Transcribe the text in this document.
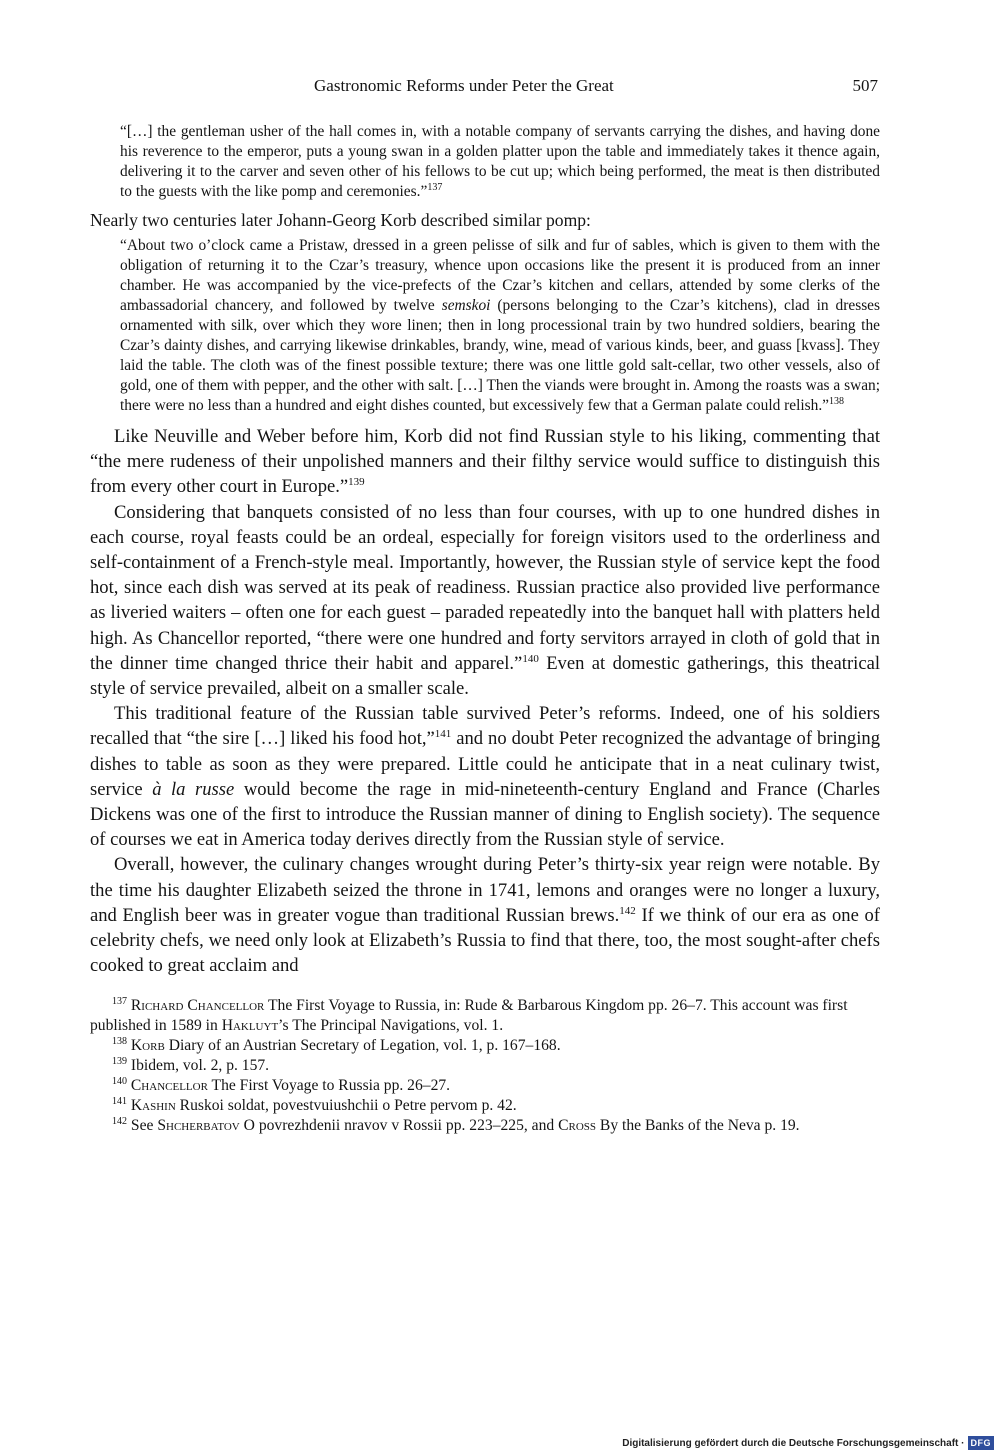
Gastronomic Reforms under Peter the Great	507

“[…] the gentleman usher of the hall comes in, with a notable company of servants carrying the dishes, and having done his reverence to the emperor, puts a young swan in a golden platter upon the table and immediately takes it thence again, delivering it to the carver and seven other of his fellows to be cut up; which being performed, the meat is then distributed to the guests with the like pomp and ceremonies.”$^{137}$

Nearly two centuries later Johann-Georg Korb described similar pomp:

“About two o’clock came a Pristaw, dressed in a green pelisse of silk and fur of sables, which is given to them with the obligation of returning it to the Czar’s treasury, whence upon occasions like the present it is produced from an inner chamber. He was accompanied by the vice-prefects of the Czar’s kitchen and cellars, attended by some clerks of the ambassadorial chancery, and followed by twelve semskoi (persons belonging to the Czar’s kitchens), clad in dresses ornamented with silk, over which they wore linen; then in long processional train by two hundred soldiers, bearing the Czar’s dainty dishes, and carrying likewise drinkables, brandy, wine, mead of various kinds, beer, and guass [kvass]. They laid the table. The cloth was of the finest possible texture; there was one little gold salt-cellar, two other vessels, also of gold, one of them with pepper, and the other with salt. […] Then the viands were brought in. Among the roasts was a swan; there were no less than a hundred and eight dishes counted, but excessively few that a German palate could relish.”$^{138}$

Like Neuville and Weber before him, Korb did not find Russian style to his liking, commenting that “the mere rudeness of their unpolished manners and their filthy service would suffice to distinguish this from every other court in Europe.”$^{139}$

Considering that banquets consisted of no less than four courses, with up to one hundred dishes in each course, royal feasts could be an ordeal, especially for foreign visitors used to the orderliness and self-containment of a French-style meal. Importantly, however, the Russian style of service kept the food hot, since each dish was served at its peak of readiness. Russian practice also provided live performance as liveried waiters – often one for each guest – paraded repeatedly into the banquet hall with platters held high. As Chancellor reported, “there were one hundred and forty servitors arrayed in cloth of gold that in the dinner time changed thrice their habit and apparel.”$^{140}$ Even at domestic gatherings, this theatrical style of service prevailed, albeit on a smaller scale.

This traditional feature of the Russian table survived Peter’s reforms. Indeed, one of his soldiers recalled that “the sire […] liked his food hot,”$^{141}$ and no doubt Peter recognized the advantage of bringing dishes to table as soon as they were prepared. Little could he anticipate that in a neat culinary twist, service à la russe would become the rage in mid-nineteenth-century England and France (Charles Dickens was one of the first to introduce the Russian manner of dining to English society). The sequence of courses we eat in America today derives directly from the Russian style of service.

Overall, however, the culinary changes wrought during Peter’s thirty-six year reign were notable. By the time his daughter Elizabeth seized the throne in 1741, lemons and oranges were no longer a luxury, and English beer was in greater vogue than traditional Russian brews.$^{142}$ If we think of our era as one of celebrity chefs, we need only look at Elizabeth’s Russia to find that there, too, the most sought-after chefs cooked to great acclaim and

$^{137}$ Richard Chancellor The First Voyage to Russia, in: Rude & Barbarous Kingdom pp. 26–7. This account was first published in 1589 in Hakluyt’s The Principal Navigations, vol. 1.
$^{138}$ Korb Diary of an Austrian Secretary of Legation, vol. 1, p. 167–168.
$^{139}$ Ibidem, vol. 2, p. 157.
$^{140}$ Chancellor The First Voyage to Russia pp. 26–27.
$^{141}$ Kashin Ruskoi soldat, povestvuiushchii o Petre pervom p. 42.
$^{142}$ See Shcherbatov O povrezhdenii nravov v Rossii pp. 223–225, and Cross By the Banks of the Neva p. 19.
Digitalisierung gefördert durch die Deutsche Forschungsgemeinschaft · DFG
